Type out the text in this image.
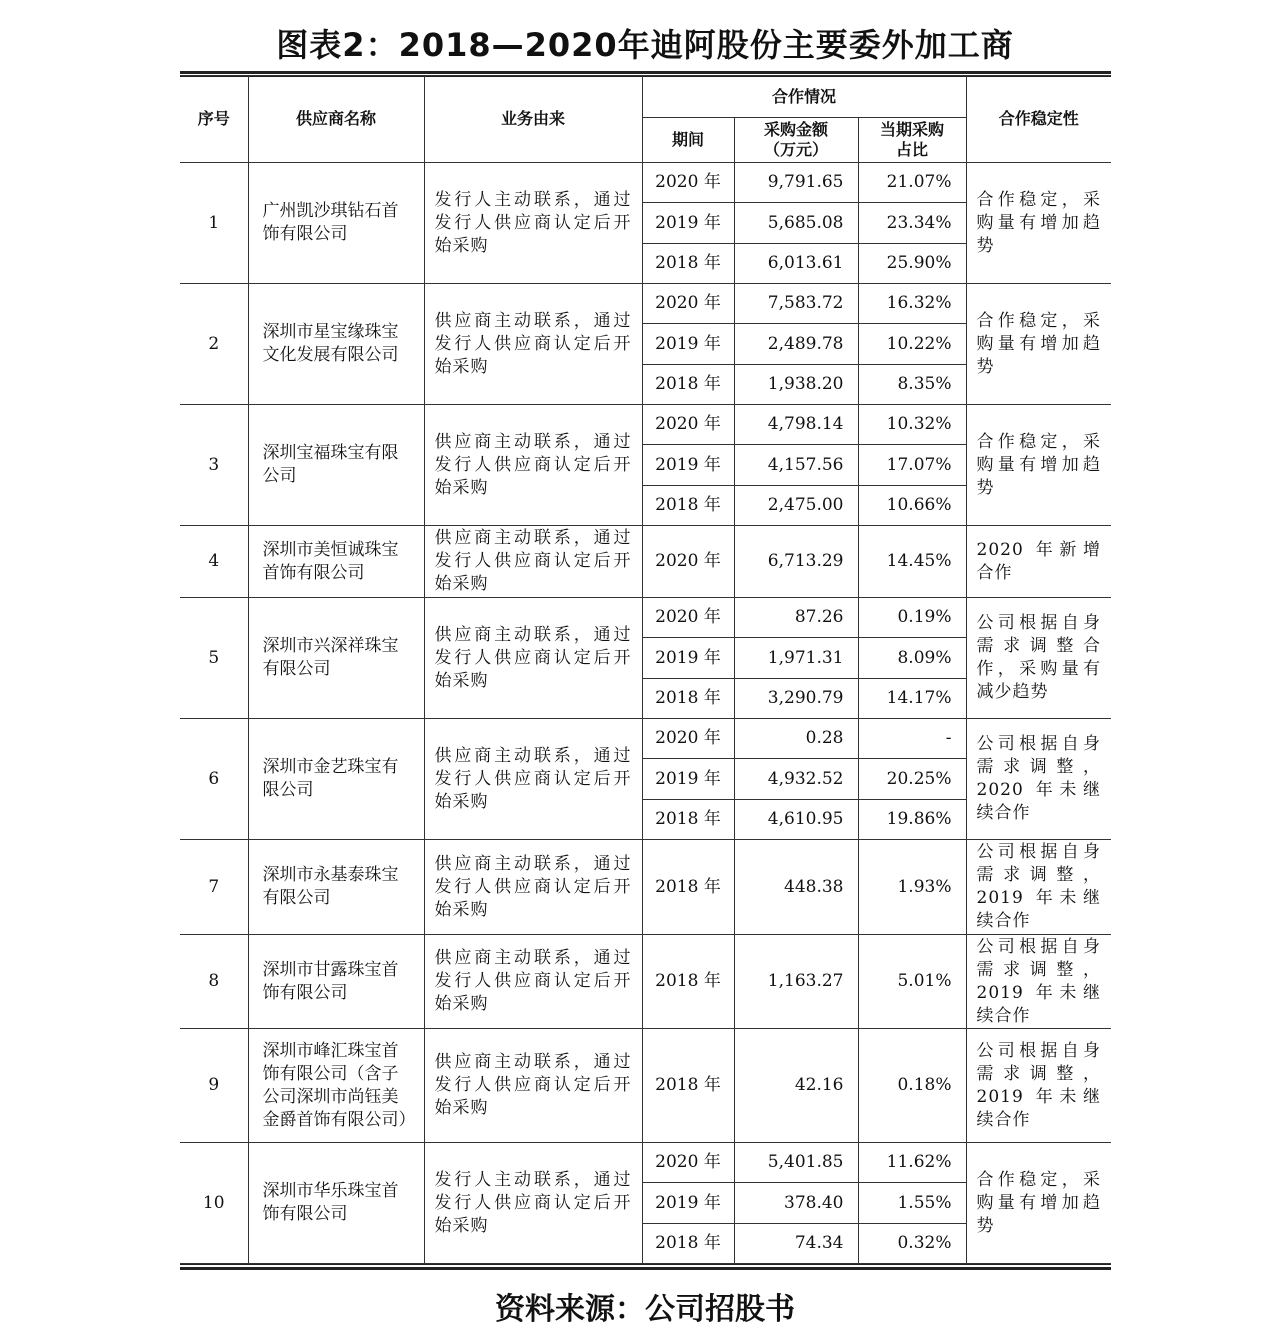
图表2：2018—2020年迪阿股份主要委外加工商
序号	供应商名称	业务由来	合作情况			合作稳定性
			期间	采购金额（万元）	当期采购占比	
1	广州凯沙琪钻石首饰有限公司	发行人主动联系，通过发行人供应商认定后开始采购	2020 年	9,791.65	21.07%	合作稳定，采购量有增加趋势
			2019 年	5,685.08	23.34%	
			2018 年	6,013.61	25.90%	
2	深圳市星宝缘珠宝文化发展有限公司	供应商主动联系，通过发行人供应商认定后开始采购	2020 年	7,583.72	16.32%	合作稳定，采购量有增加趋势
			2019 年	2,489.78	10.22%	
			2018 年	1,938.20	8.35%	
3	深圳宝福珠宝有限公司	供应商主动联系，通过发行人供应商认定后开始采购	2020 年	4,798.14	10.32%	合作稳定，采购量有增加趋势
			2019 年	4,157.56	17.07%	
			2018 年	2,475.00	10.66%	
4	深圳市美恒诚珠宝首饰有限公司	供应商主动联系，通过发行人供应商认定后开始采购	2020 年	6,713.29	14.45%	2020 年新增合作
5	深圳市兴深祥珠宝有限公司	供应商主动联系，通过发行人供应商认定后开始采购	2020 年	87.26	0.19%	公司根据自身需求调整合作，采购量有减少趋势
			2019 年	1,971.31	8.09%	
			2018 年	3,290.79	14.17%	
6	深圳市金艺珠宝有限公司	供应商主动联系，通过发行人供应商认定后开始采购	2020 年	0.28	-	公司根据自身需求调整，2020 年未继续合作
			2019 年	4,932.52	20.25%	
			2018 年	4,610.95	19.86%	
7	深圳市永基泰珠宝有限公司	供应商主动联系，通过发行人供应商认定后开始采购	2018 年	448.38	1.93%	公司根据自身需求调整，2019 年未继续合作
8	深圳市甘露珠宝首饰有限公司	供应商主动联系，通过发行人供应商认定后开始采购	2018 年	1,163.27	5.01%	公司根据自身需求调整，2019 年未继续合作
9	深圳市峰汇珠宝首饰有限公司（含子公司深圳市尚钰美金爵首饰有限公司）	供应商主动联系，通过发行人供应商认定后开始采购	2018 年	42.16	0.18%	公司根据自身需求调整，2019 年未继续合作
10	深圳市华乐珠宝首饰有限公司	发行人主动联系，通过发行人供应商认定后开始采购	2020 年	5,401.85	11.62%	合作稳定，采购量有增加趋势
			2019 年	378.40	1.55%	
			2018 年	74.34	0.32%	
资料来源：公司招股书
